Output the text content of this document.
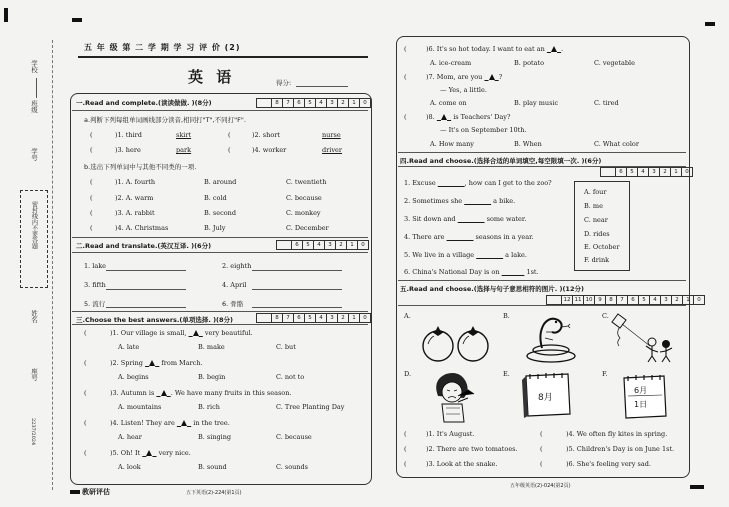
学校
班级
学号
密封线内不要答题
姓名
座号
2237/2024
五 年 级 第 二 学 期 学 习 评 价 (2)
英 语	得分:
一.Read and complete.(读读做做. )(8分)	8	7	6	5	4	3	2	1	0
a.判断下列每组单词画线部分读音,相同打"T",不同打"F".
(	)1. third	skirt	(	)2. short	nurse
(	)3. here	park	(	)4. worker	driver
b.选出下列单词中与其他不同类的一项.
(	)1. A. fourth	B. around	C. twentieth
(	)2. A. warm	B. cold	C. because
(	)3. A. rabbit	B. second	C. monkey
(	)4. A. Christmas	B. July	C. December
二.Read and translate.(英汉互译. )(6分)	6	5	4	3	2	1	0
1. lake	2. eighth
3. fifth	4. April
5. 流行	6. 骨骼
三.Choose the best answers.(单项选择. )(8分)	8	7	6	5	4	3	2	1	0
(	)1. Our village is small,	very beautiful.
A. late	B. make	C. but
(	)2. Spring	from March.
A. begins	B. begin	C. not to
(	)3. Autumn is	. We have many fruits in this season.
A. mountains	B. rich	C. Tree Planting Day
(	)4. Listen! They are	in the tree.
A. hear	B. singing	C. because
(	)5. Oh! It	very nice.
A. look	B. sound	C. sounds
教研评估	五下英语(2)-224(第1页)
(	)6. It's so hot today. I want to eat an	.
A. ice-cream	B. potato	C. vegetable
(	)7. Mom, are you	?
— Yes, a little.
A. come on	B. play music	C. tired
(	)8.	is Teachers' Day?
— It's on September 10th.
A. How many	B. When	C. What color
四.Read and choose.(选择合适的单词填空,每空限填一次. )(6分)
6	5	4	3	2	1	0
1. Excuse	, how can I get to the zoo?
2. Sometimes she	a bike.
3. Sit down and	some water.
4. There are	seasons in a year.
5. We live in a village	a lake.
6. China's National Day is on	1st.
A. four
B. me
C. near
D. rides
E. October
F. drink
五.Read and choose.(选择与句子意思相符的图片. )(12分)
12 11 10	9	8	7	6	5	4	3	2	1	0
A.	B.	C.
D.	E.	F.
8月
6月
1日
(	)1. It's August.
(	)2. There are two tomatoes.
(	)3. Look at the snake.
(	)4. We often fly kites in spring.
(	)5. Children's Day is on June 1st.
(	)6. She's feeling very sad.
五年级英语(2)-024(第2页)
